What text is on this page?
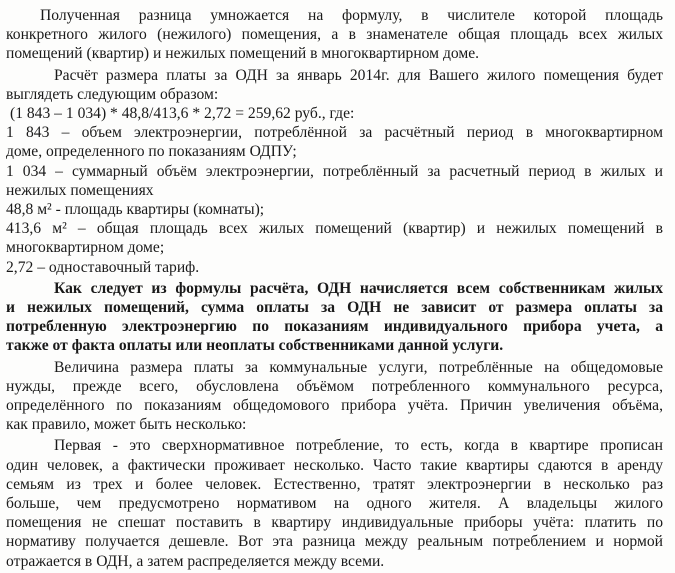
Полученная разница умножается на формулу, в числителе которой площадь
конкретного жилого (нежилого) помещения, а в знаменателе общая площадь всех жилых
помещений (квартир) и нежилых помещений в многоквартирном доме.

Расчёт размера платы за ОДН за январь 2014г. для Вашего жилого помещения будет
выглядеть следующим образом:

(1 843 – 1 034) * 48,8/413,6 * 2,72 = 259,62 руб., где:

1 843 – объем электроэнергии, потреблённой за расчётный период в многоквартирном
доме, определенного по показаниям ОДПУ;

1 034 – суммарный объём электроэнергии, потреблённый за расчетный период в жилых и
нежилых помещениях

48,8 м² - площадь квартиры (комнаты);

413,6 м² – общая площадь всех жилых помещений (квартир) и нежилых помещений в
многоквартирном доме;

2,72 – одноставочный тариф.

Как следует из формулы расчёта, ОДН начисляется всем собственникам жилых
и нежилых помещений, сумма оплаты за ОДН не зависит от размера оплаты за
потребленную электроэнергию по показаниям индивидуального прибора учета, а
также от факта оплаты или неоплаты собственниками данной услуги.

Величина размера платы за коммунальные услуги, потреблённые на общедомовые
нужды, прежде всего, обусловлена объёмом потребленного коммунального ресурса,
определённого по показаниям общедомового прибора учёта. Причин увеличения объёма,
как правило, может быть несколько:

Первая - это сверхнормативное потребление, то есть, когда в квартире прописан
один человек, а фактически проживает несколько. Часто такие квартиры сдаются в аренду
семьям из трех и более человек. Естественно, тратят электроэнергии в несколько раз
больше, чем предусмотрено нормативом на одного жителя. А владельцы жилого
помещения не спешат поставить в квартиру индивидуальные приборы учёта: платить по
нормативу получается дешевле. Вот эта разница между реальным потреблением и нормой
отражается в ОДН, а затем распределяется между всеми.
